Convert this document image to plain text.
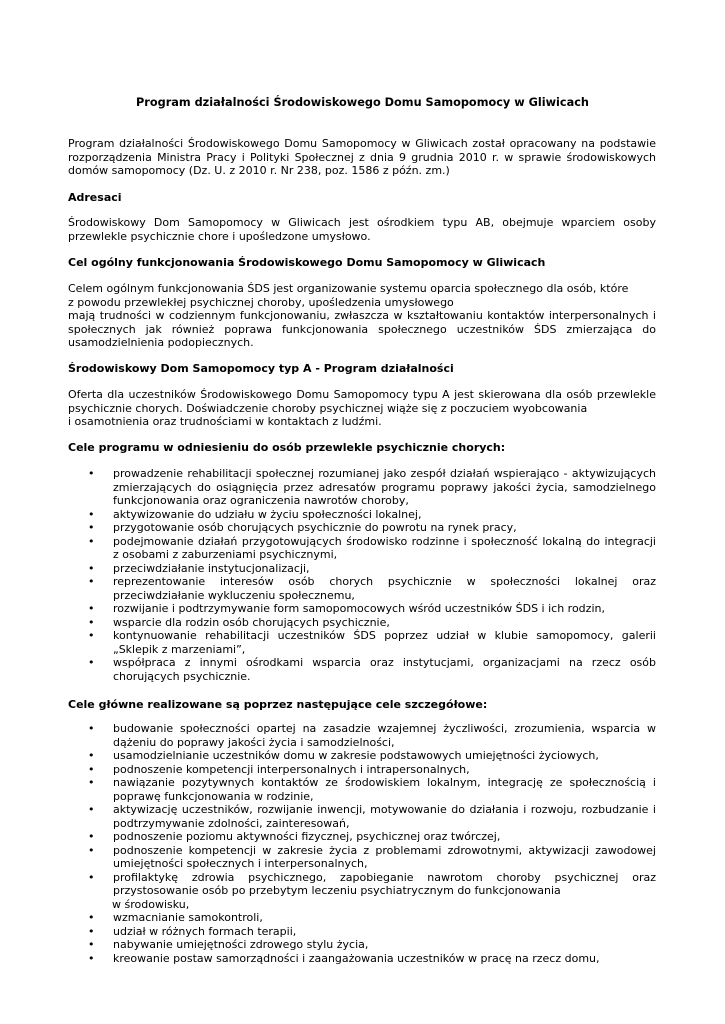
Program działalności Środowiskowego Domu Samopomocy w Gliwicach
Program działalności Środowiskowego Domu Samopomocy w Gliwicach został opracowany na podstawie rozporządzenia Ministra Pracy i Polityki Społecznej z dnia 9 grudnia 2010 r. w sprawie środowiskowych domów samopomocy (Dz. U. z 2010 r. Nr 238, poz. 1586 z późn. zm.)
Adresaci
Środowiskowy Dom Samopomocy w Gliwicach jest ośrodkiem typu AB, obejmuje wparciem osoby przewlekle psychicznie chore i upośledzone umysłowo.
Cel ogólny funkcjonowania Środowiskowego Domu Samopomocy w Gliwicach
Celem ogólnym funkcjonowania ŚDS jest organizowanie systemu oparcia społecznego dla osób, które
z powodu przewlekłej psychicznej choroby, upośledzenia umysłowego
mają trudności w codziennym funkcjonowaniu, zwłaszcza w kształtowaniu kontaktów interpersonalnych i społecznych jak również poprawa funkcjonowania społecznego uczestników ŚDS zmierzająca do usamodzielnienia podopiecznych.
Środowiskowy Dom Samopomocy typ A - Program działalności
Oferta dla uczestników Środowiskowego Domu Samopomocy typu A jest skierowana dla osób przewlekle psychicznie chorych. Doświadczenie choroby psychicznej wiąże się z poczuciem wyobcowania
i osamotnienia oraz trudnościami w kontaktach z ludźmi.
Cele programu w odniesieniu do osób przewlekle psychicznie chorych:
• prowadzenie rehabilitacji społecznej rozumianej jako zespół działań wspierająco - aktywizujących zmierzających do osiągnięcia przez adresatów programu poprawy jakości życia, samodzielnego funkcjonowania oraz ograniczenia nawrotów choroby,
• aktywizowanie do udziału w życiu społeczności lokalnej,
• przygotowanie osób chorujących psychicznie do powrotu na rynek pracy,
• podejmowanie działań przygotowujących środowisko rodzinne i społeczność lokalną do integracji z osobami z zaburzeniami psychicznymi,
• przeciwdziałanie instytucjonalizacji,
• reprezentowanie interesów osób chorych psychicznie w społeczności lokalnej oraz przeciwdziałanie wykluczeniu społecznemu,
• rozwijanie i podtrzymywanie form samopomocowych wśród uczestników ŚDS i ich rodzin,
• wsparcie dla rodzin osób chorujących psychicznie,
• kontynuowanie rehabilitacji uczestników ŚDS poprzez udział w klubie samopomocy, galerii „Sklepik z marzeniami”,
• współpraca z innymi ośrodkami wsparcia oraz instytucjami, organizacjami na rzecz osób chorujących psychicznie.
Cele główne realizowane są poprzez następujące cele szczegółowe:
• budowanie społeczności opartej na zasadzie wzajemnej życzliwości, zrozumienia, wsparcia w dążeniu do poprawy jakości życia i samodzielności,
• usamodzielnianie uczestników domu w zakresie podstawowych umiejętności życiowych,
• podnoszenie kompetencji interpersonalnych i intrapersonalnych,
• nawiązanie pozytywnych kontaktów ze środowiskiem lokalnym, integrację ze społecznością i poprawę funkcjonowania w rodzinie,
• aktywizację uczestników, rozwijanie inwencji, motywowanie do działania i rozwoju, rozbudzanie i podtrzymywanie zdolności, zainteresowań,
• podnoszenie poziomu aktywności fizycznej, psychicznej oraz twórczej,
• podnoszenie kompetencji w zakresie życia z problemami zdrowotnymi, aktywizacji zawodowej umiejętności społecznych i interpersonalnych,
• profilaktykę zdrowia psychicznego, zapobieganie nawrotom choroby psychicznej oraz przystosowanie osób po przebytym leczeniu psychiatrycznym do funkcjonowania
w środowisku,
• wzmacnianie samokontroli,
• udział w różnych formach terapii,
• nabywanie umiejętności zdrowego stylu życia,
• kreowanie postaw samorządności i zaangażowania uczestników w pracę na rzecz domu,
